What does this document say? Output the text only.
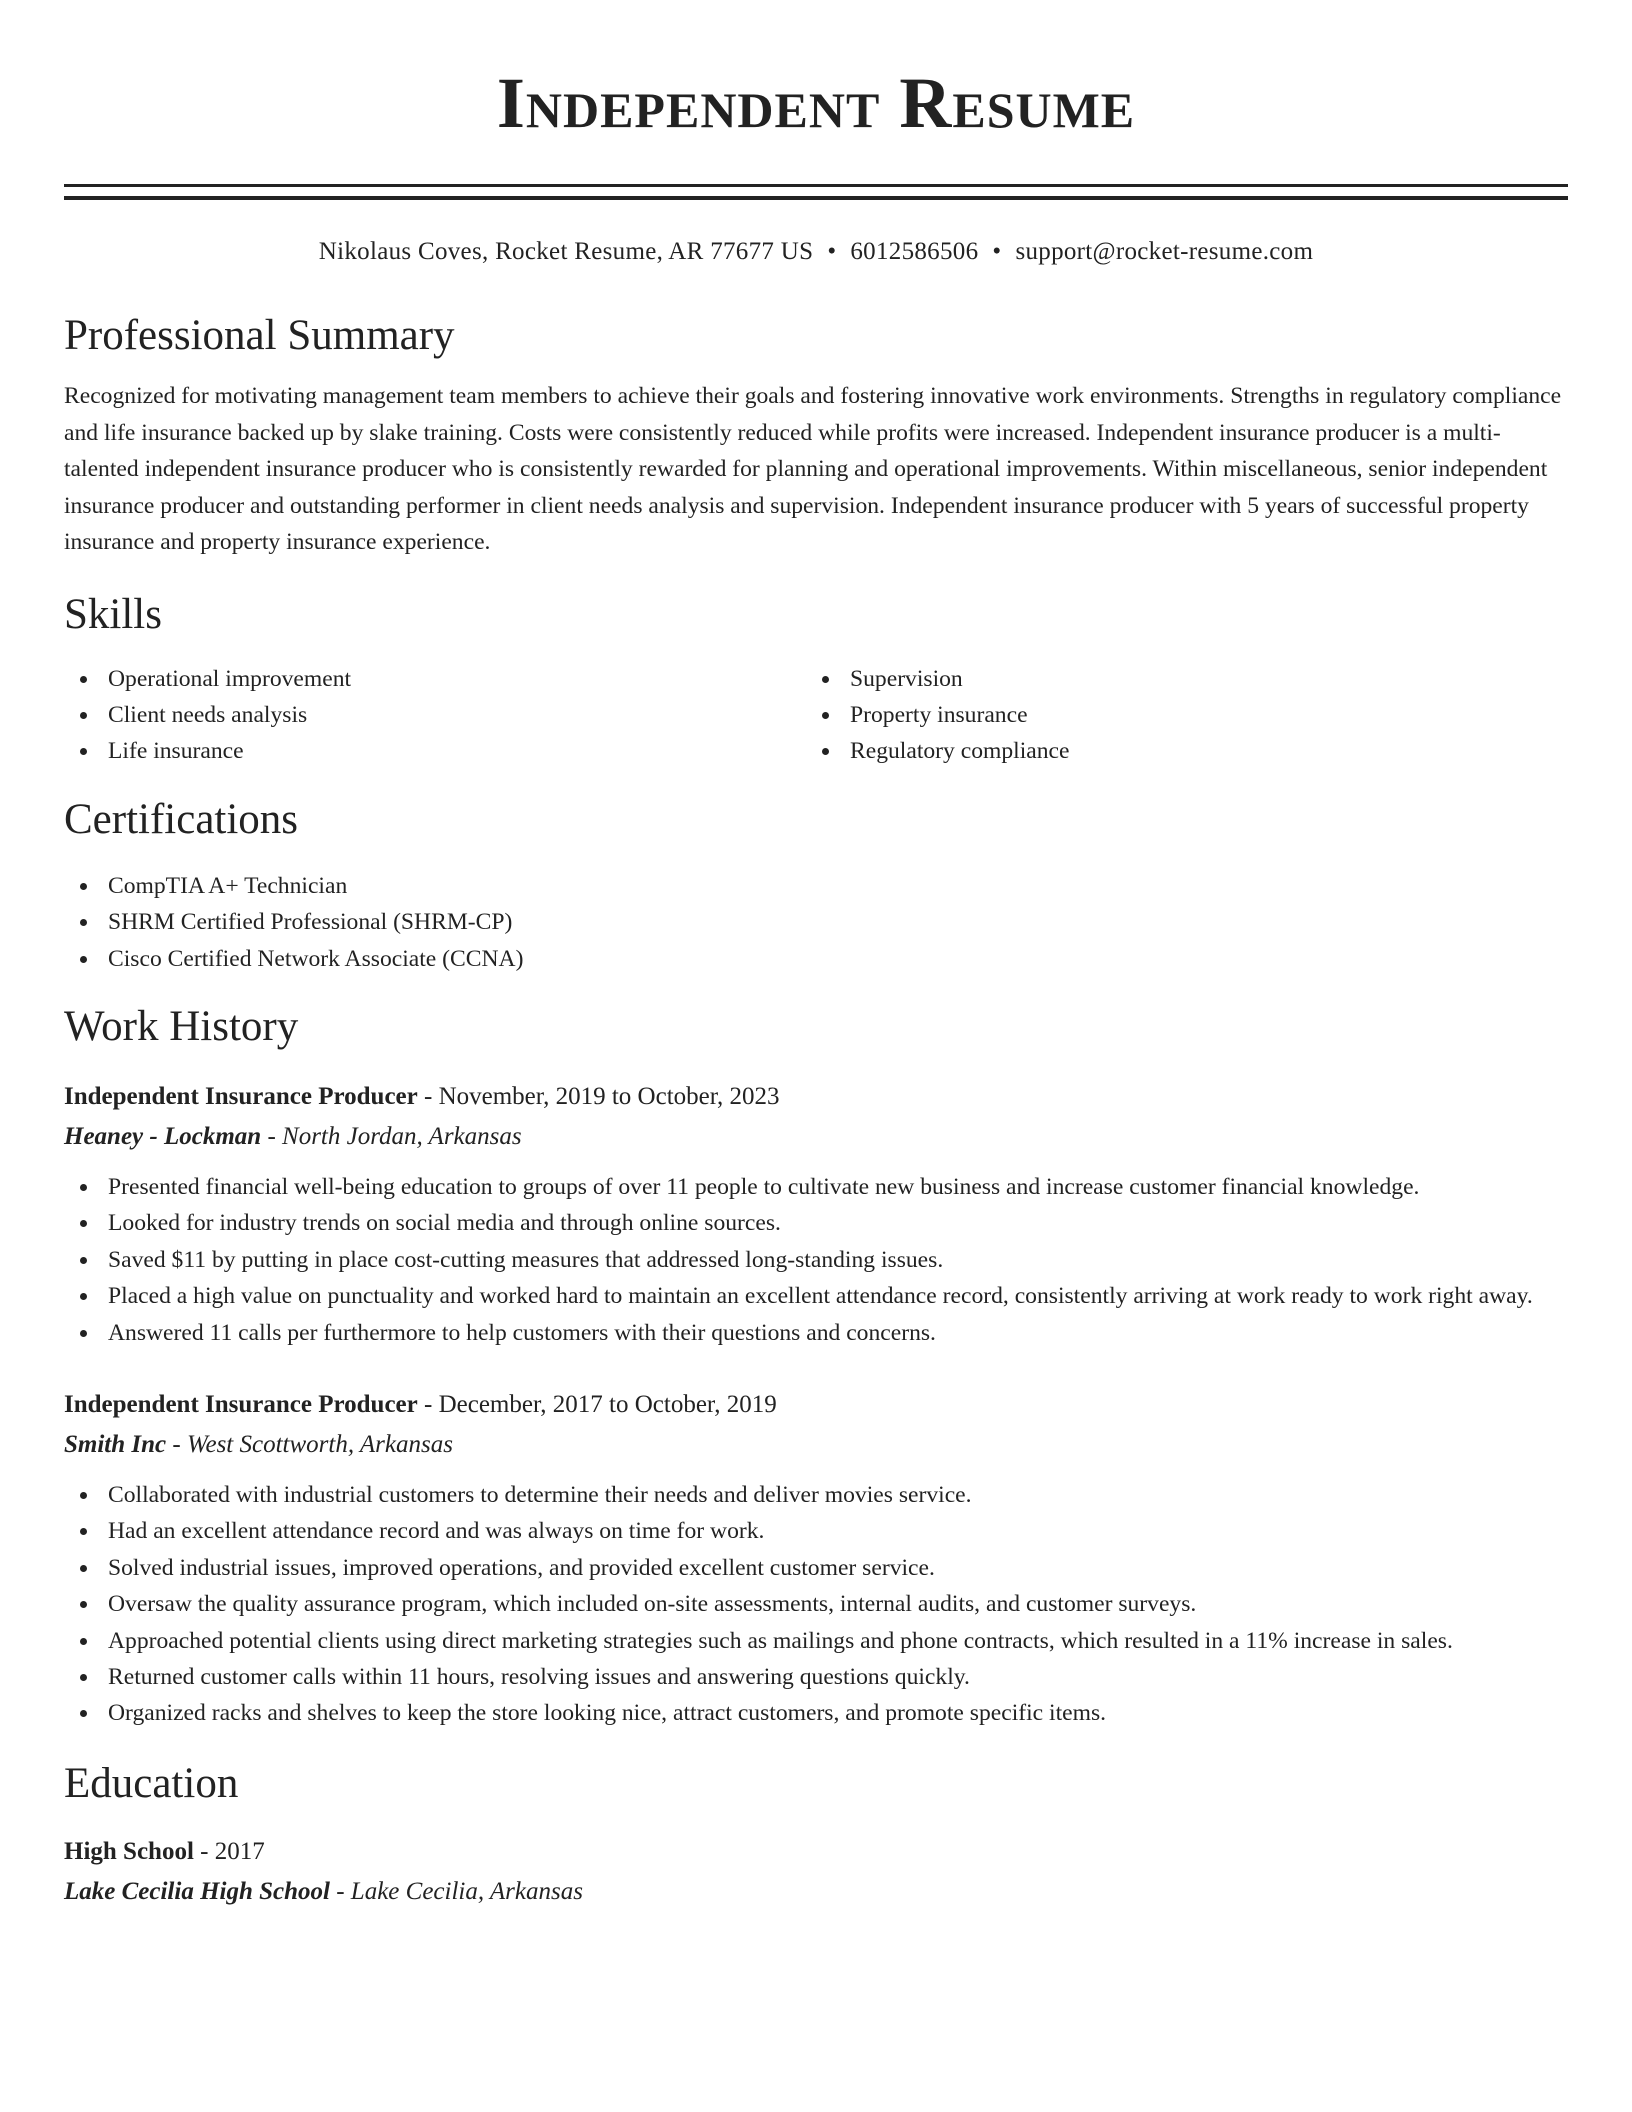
Independent Resume
Nikolaus Coves, Rocket Resume, AR 77677 US • 6012586506 • support@rocket-resume.com
Professional Summary

Recognized for motivating management team members to achieve their goals and fostering innovative work environments. Strengths in regulatory compliance and life insurance backed up by slake training. Costs were consistently reduced while profits were increased. Independent insurance producer is a multi-talented independent insurance producer who is consistently rewarded for planning and operational improvements. Within miscellaneous, senior independent insurance producer and outstanding performer in client needs analysis and supervision. Independent insurance producer with 5 years of successful property insurance and property insurance experience.

Skills
Operational improvement
Client needs analysis
Life insurance
Supervision
Property insurance
Regulatory compliance
Certifications
CompTIA A+ Technician
SHRM Certified Professional (SHRM-CP)
Cisco Certified Network Associate (CCNA)
Work History
Independent Insurance Producer - November, 2019 to October, 2023
Heaney - Lockman - North Jordan, Arkansas
Presented financial well-being education to groups of over 11 people to cultivate new business and increase customer financial knowledge.
Looked for industry trends on social media and through online sources.
Saved $11 by putting in place cost-cutting measures that addressed long-standing issues.
Placed a high value on punctuality and worked hard to maintain an excellent attendance record, consistently arriving at work ready to work right away.
Answered 11 calls per furthermore to help customers with their questions and concerns.
Independent Insurance Producer - December, 2017 to October, 2019
Smith Inc - West Scottworth, Arkansas
Collaborated with industrial customers to determine their needs and deliver movies service.
Had an excellent attendance record and was always on time for work.
Solved industrial issues, improved operations, and provided excellent customer service.
Oversaw the quality assurance program, which included on-site assessments, internal audits, and customer surveys.
Approached potential clients using direct marketing strategies such as mailings and phone contracts, which resulted in a 11% increase in sales.
Returned customer calls within 11 hours, resolving issues and answering questions quickly.
Organized racks and shelves to keep the store looking nice, attract customers, and promote specific items.
Education
High School - 2017
Lake Cecilia High School - Lake Cecilia, Arkansas
